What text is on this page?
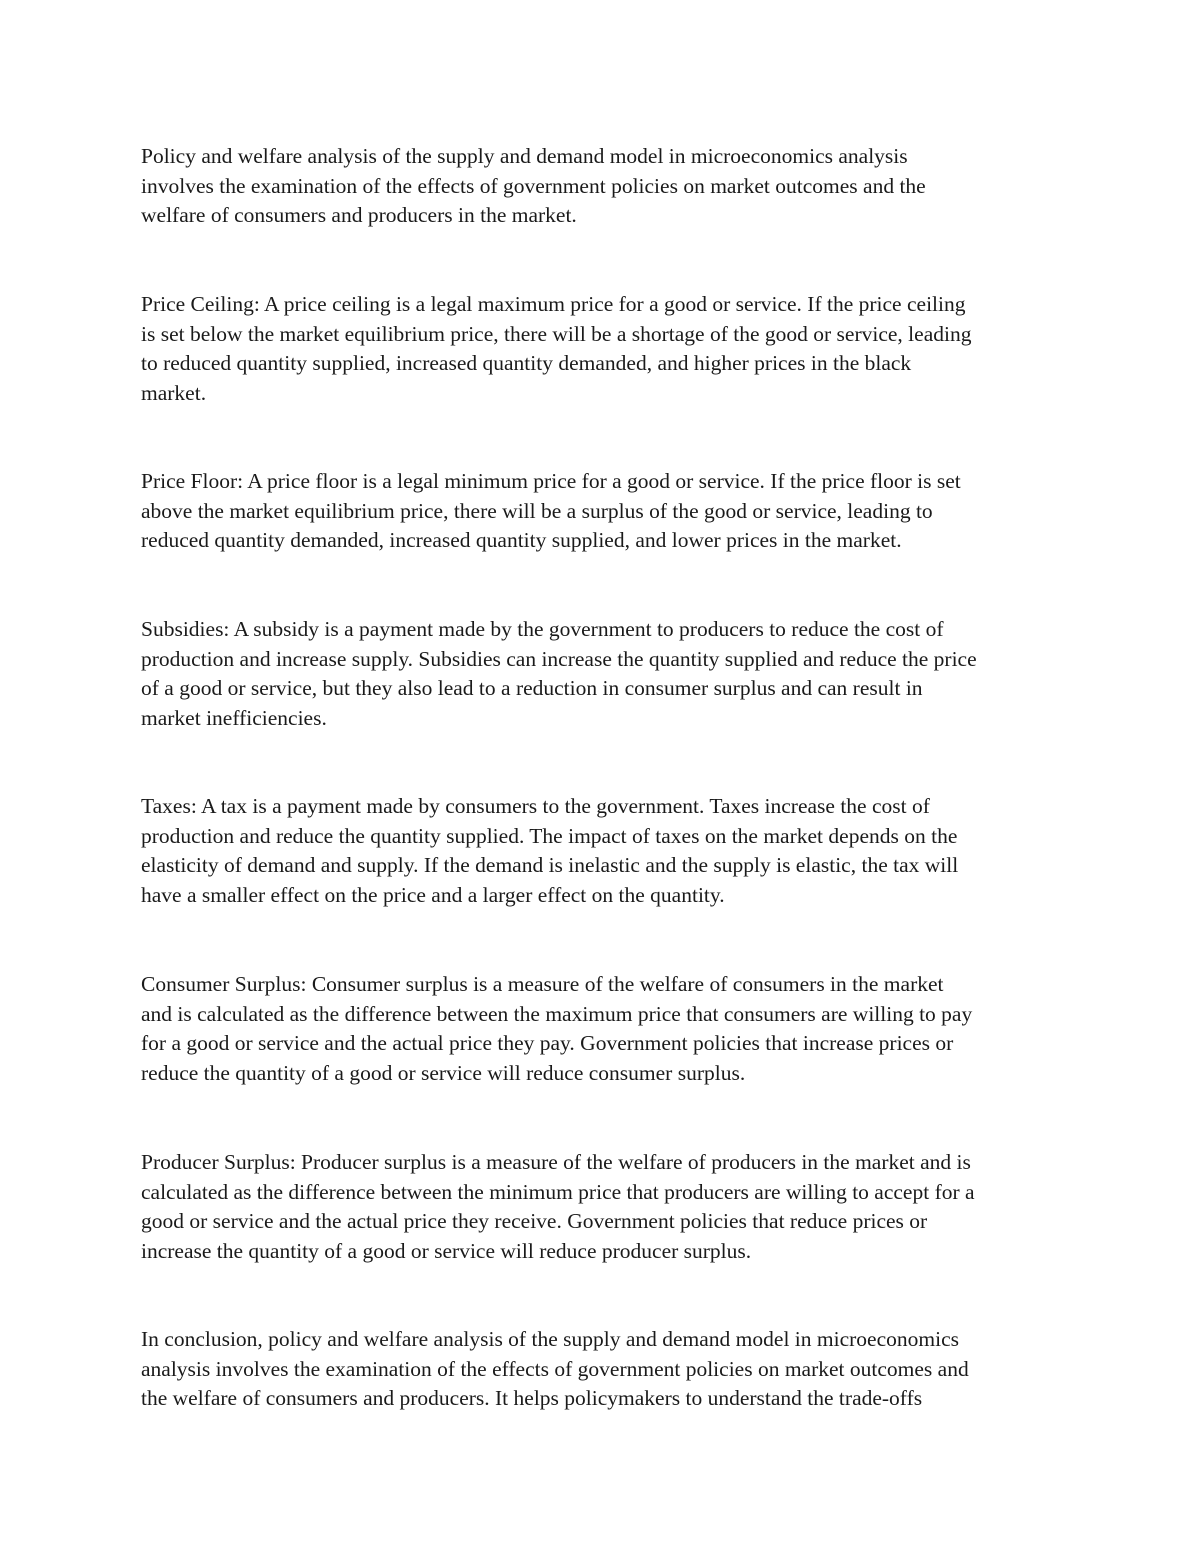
Policy and welfare analysis of the supply and demand model in microeconomics analysis
involves the examination of the effects of government policies on market outcomes and the
welfare of consumers and producers in the market.

Price Ceiling: A price ceiling is a legal maximum price for a good or service. If the price ceiling
is set below the market equilibrium price, there will be a shortage of the good or service, leading
to reduced quantity supplied, increased quantity demanded, and higher prices in the black
market.

Price Floor: A price floor is a legal minimum price for a good or service. If the price floor is set
above the market equilibrium price, there will be a surplus of the good or service, leading to
reduced quantity demanded, increased quantity supplied, and lower prices in the market.

Subsidies: A subsidy is a payment made by the government to producers to reduce the cost of
production and increase supply. Subsidies can increase the quantity supplied and reduce the price
of a good or service, but they also lead to a reduction in consumer surplus and can result in
market inefficiencies.

Taxes: A tax is a payment made by consumers to the government. Taxes increase the cost of
production and reduce the quantity supplied. The impact of taxes on the market depends on the
elasticity of demand and supply. If the demand is inelastic and the supply is elastic, the tax will
have a smaller effect on the price and a larger effect on the quantity.

Consumer Surplus: Consumer surplus is a measure of the welfare of consumers in the market
and is calculated as the difference between the maximum price that consumers are willing to pay
for a good or service and the actual price they pay. Government policies that increase prices or
reduce the quantity of a good or service will reduce consumer surplus.

Producer Surplus: Producer surplus is a measure of the welfare of producers in the market and is
calculated as the difference between the minimum price that producers are willing to accept for a
good or service and the actual price they receive. Government policies that reduce prices or
increase the quantity of a good or service will reduce producer surplus.

In conclusion, policy and welfare analysis of the supply and demand model in microeconomics
analysis involves the examination of the effects of government policies on market outcomes and
the welfare of consumers and producers. It helps policymakers to understand the trade-offs
